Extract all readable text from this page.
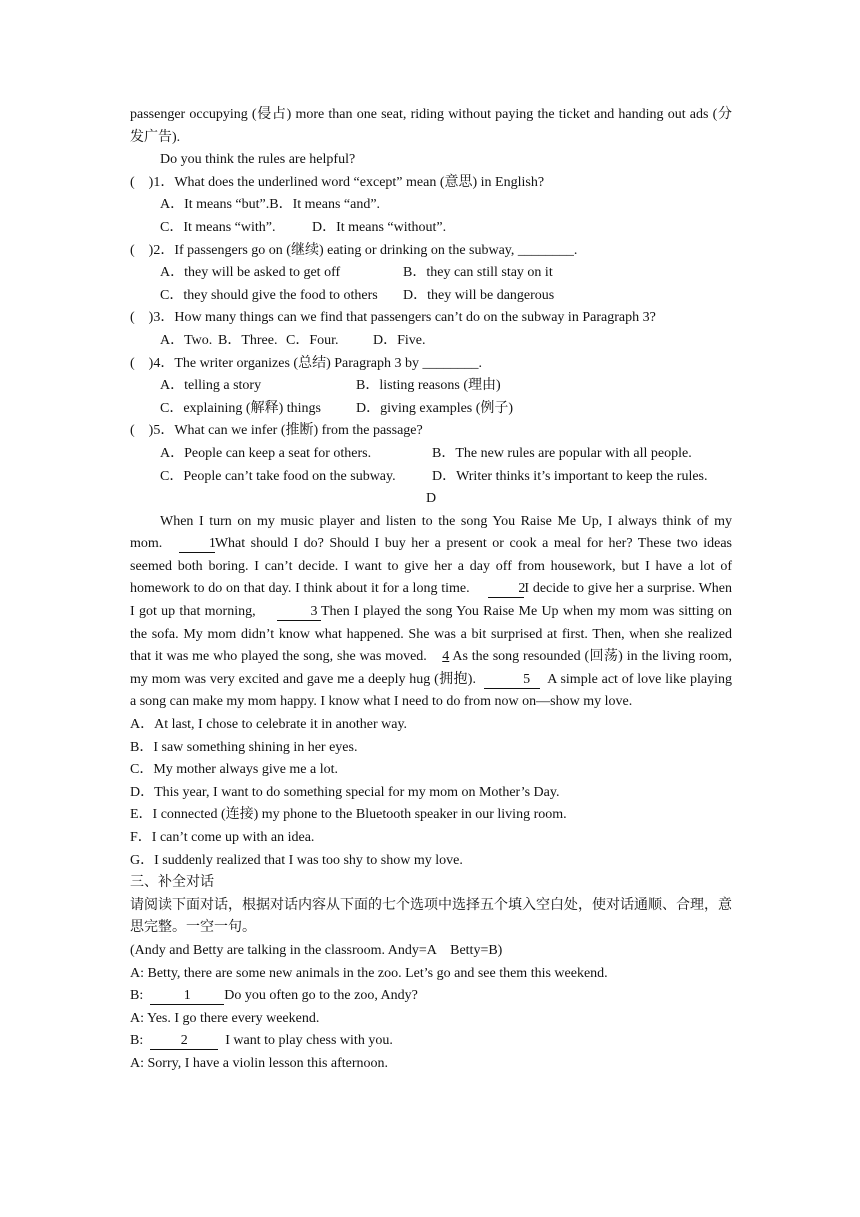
passenger occupying (侵占) more than one seat, riding without paying the ticket and handing out ads (分发广告).

Do you think the rules are helpful?

(　)1．What does the underlined word “except” mean (意思) in English?

A．It means “but”.B．It means “and”.
C．It means “with”.	D．It means “without”.

(　)2．If passengers go on (继续) eating or drinking on the subway, ________.

A．they will be asked to get off	B．they can still stay on it
C．they should give the food to others D．they will be dangerous

(　)3．How many things can we find that passengers can’t do on the subway in Paragraph 3?

A．Two. B．Three. C．Four. D．Five.

(　)4．The writer organizes (总结) Paragraph 3 by ________.

A．telling a story	B．listing reasons (理由)
C．explaining (解释) things	D．giving examples (例子)

(　)5．What can we infer (推断) from the passage?

A．People can keep a seat for others.	B．The new rules are popular with all people.
C．People can’t take food on the subway.	D．Writer thinks it’s important to keep the rules.
D

When I turn on my music player and listen to the song You Raise Me Up, I always think of my mom.	1What should I do? Should I buy her a present or cook a meal for her? These two ideas seemed both boring. I can’t decide. I want to give her a day off from housework, but I have a lot of homework to do on that day. I think about it for a long time.	2I decide to give her a surprise. When I got up that morning,	3 Then I played the song You Raise Me Up when my mom was sitting on the sofa. My mom didn’t know what happened. She was a bit surprised at first. Then, when she realized that it was me who played the song, she was moved. 4 As the song resounded (回荡) in the living room, my mom was very excited and gave me a deeply hug (拥抱).	5 A simple act of love like playing a song can make my mom happy. I know what I need to do from now on—show my love.

A．At last, I chose to celebrate it in another way.

B．I saw something shining in her eyes.

C．My mother always give me a lot.

D．This year, I want to do something special for my mom on Mother’s Day.

E．I connected (连接) my phone to the Bluetooth speaker in our living room.

F．I can’t come up with an idea.

G．I suddenly realized that I was too shy to show my love.

三、补全对话

请阅读下面对话，根据对话内容从下面的七个选项中选择五个填入空白处，使对话通顺、合理，意思完整。一空一句。

(Andy and Betty are talking in the classroom. Andy=A　Betty=B)

A: Betty, there are some new animals in the zoo. Let’s go and see them this weekend.

B:	1 Do you often go to the zoo, Andy?

A: Yes. I go there every weekend.

B:	2	I want to play chess with you.

A: Sorry, I have a violin lesson this afternoon.
